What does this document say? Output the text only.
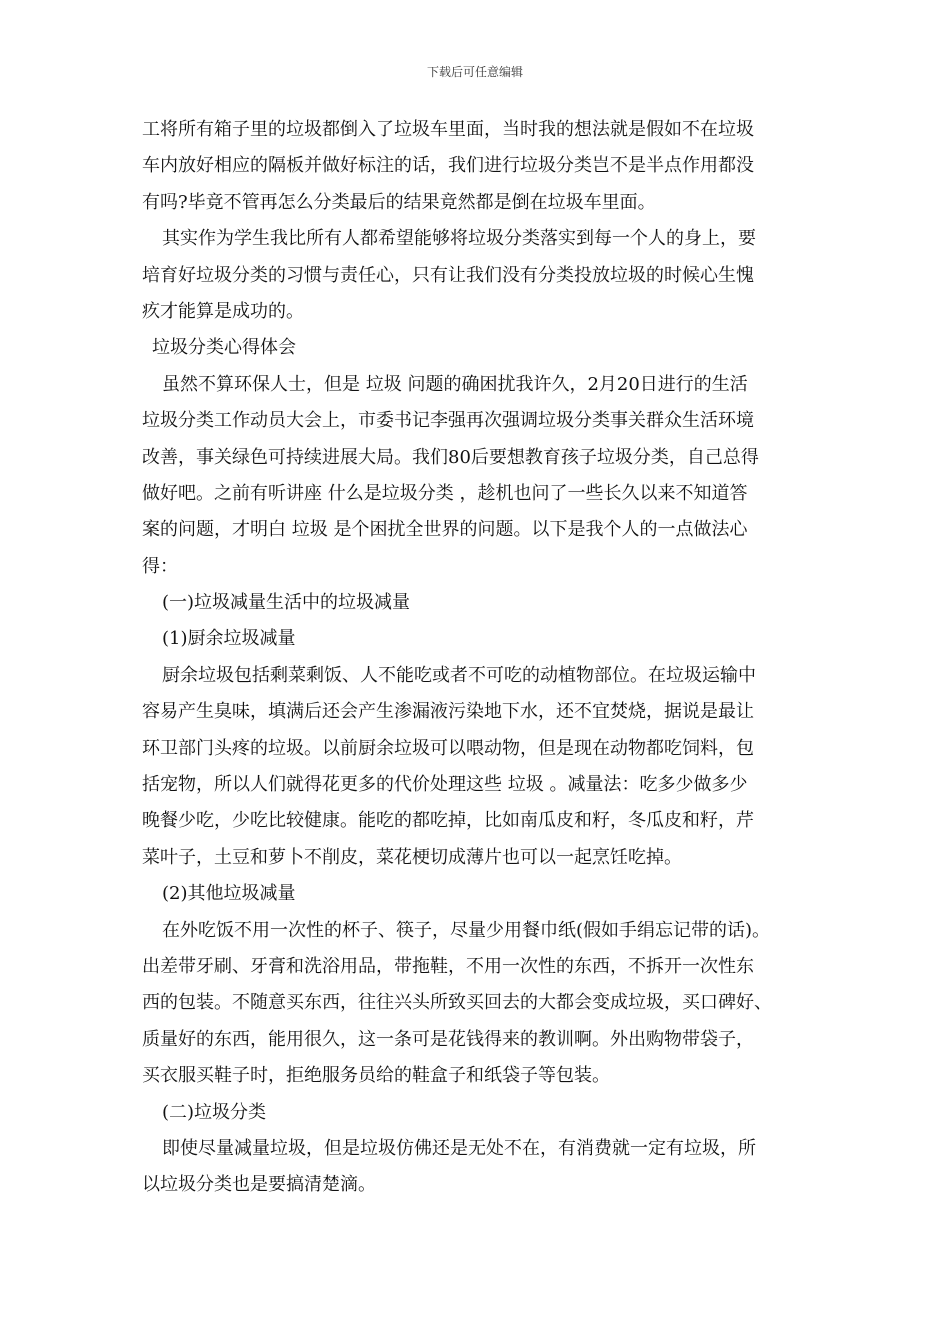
下载后可任意编辑
工将所有箱子里的垃圾都倒入了垃圾车里面，当时我的想法就是假如不在垃圾
车内放好相应的隔板并做好标注的话，我们进行垃圾分类岂不是半点作用都没
有吗?毕竟不管再怎么分类最后的结果竟然都是倒在垃圾车里面。
其实作为学生我比所有人都希望能够将垃圾分类落实到每一个人的身上，要
培育好垃圾分类的习惯与责任心，只有让我们没有分类投放垃圾的时候心生愧
疚才能算是成功的。
垃圾分类心得体会
虽然不算环保人士，但是 垃圾 问题的确困扰我许久，2月20日进行的生活
垃圾分类工作动员大会上，市委书记李强再次强调垃圾分类事关群众生活环境
改善，事关绿色可持续进展大局。我们80后要想教育孩子垃圾分类，自己总得
做好吧。之前有听讲座 什么是垃圾分类 ，趁机也问了一些长久以来不知道答
案的问题，才明白 垃圾 是个困扰全世界的问题。以下是我个人的一点做法心
得：
(一)垃圾减量生活中的垃圾减量
(1)厨余垃圾减量
厨余垃圾包括剩菜剩饭、人不能吃或者不可吃的动植物部位。在垃圾运输中
容易产生臭味，填满后还会产生渗漏液污染地下水，还不宜焚烧，据说是最让
环卫部门头疼的垃圾。以前厨余垃圾可以喂动物，但是现在动物都吃饲料，包
括宠物，所以人们就得花更多的代价处理这些 垃圾 。减量法：吃多少做多少
晚餐少吃，少吃比较健康。能吃的都吃掉，比如南瓜皮和籽，冬瓜皮和籽，芹
菜叶子，土豆和萝卜不削皮，菜花梗切成薄片也可以一起烹饪吃掉。
(2)其他垃圾减量
在外吃饭不用一次性的杯子、筷子，尽量少用餐巾纸(假如手绢忘记带的话)。
出差带牙刷、牙膏和洗浴用品，带拖鞋，不用一次性的东西，不拆开一次性东
西的包装。不随意买东西，往往兴头所致买回去的大都会变成垃圾，买口碑好、
质量好的东西，能用很久，这一条可是花钱得来的教训啊。外出购物带袋子，
买衣服买鞋子时，拒绝服务员给的鞋盒子和纸袋子等包装。
(二)垃圾分类
即使尽量减量垃圾，但是垃圾仿佛还是无处不在，有消费就一定有垃圾，所
以垃圾分类也是要搞清楚滴。
